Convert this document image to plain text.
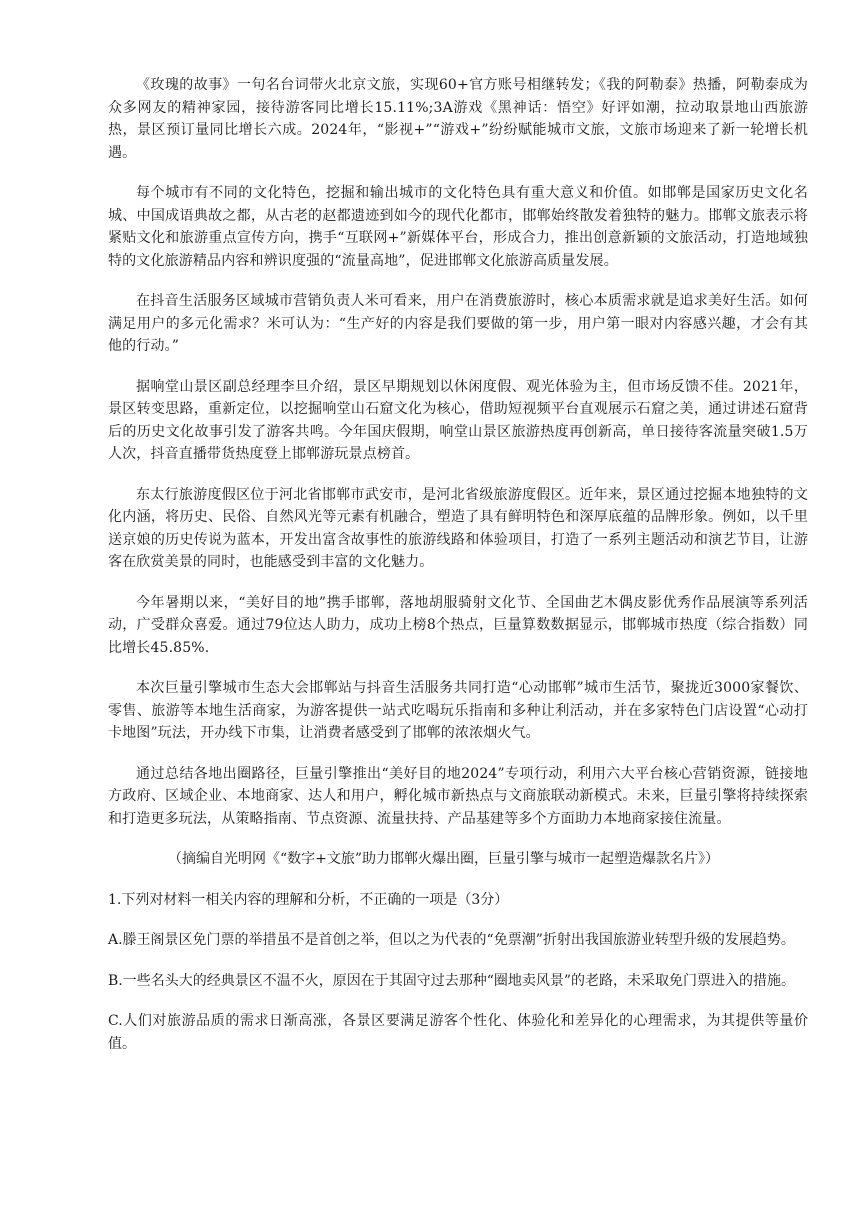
《玫瑰的故事》一句名台词带火北京文旅，实现60+官方账号相继转发；《我的阿勒泰》热播，阿勒泰成为众多网友的精神家园，接待游客同比增长15.11%;3A游戏《黑神话：悟空》好评如潮，拉动取景地山西旅游热，景区预订量同比增长六成。2024年，“影视+”“游戏+”纷纷赋能城市文旅，文旅市场迎来了新一轮增长机遇。

每个城市有不同的文化特色，挖掘和输出城市的文化特色具有重大意义和价值。如邯郸是国家历史文化名城、中国成语典故之都，从古老的赵都遗迹到如今的现代化都市，邯郸始终散发着独特的魅力。邯郸文旅表示将紧贴文化和旅游重点宣传方向，携手“互联网+”新媒体平台，形成合力，推出创意新颖的文旅活动，打造地域独特的文化旅游精品内容和辨识度强的“流量高地”，促进邯郸文化旅游高质量发展。

在抖音生活服务区域城市营销负责人米可看来，用户在消费旅游时，核心本质需求就是追求美好生活。如何满足用户的多元化需求？米可认为：“生产好的内容是我们要做的第一步，用户第一眼对内容感兴趣，才会有其他的行动。”

据响堂山景区副总经理李旦介绍，景区早期规划以休闲度假、观光体验为主，但市场反馈不佳。2021年，景区转变思路，重新定位，以挖掘响堂山石窟文化为核心，借助短视频平台直观展示石窟之美，通过讲述石窟背后的历史文化故事引发了游客共鸣。今年国庆假期，响堂山景区旅游热度再创新高，单日接待客流量突破1.5万人次，抖音直播带货热度登上邯郸游玩景点榜首。

东太行旅游度假区位于河北省邯郸市武安市，是河北省级旅游度假区。近年来，景区通过挖掘本地独特的文化内涵，将历史、民俗、自然风光等元素有机融合，塑造了具有鲜明特色和深厚底蕴的品牌形象。例如，以千里送京娘的历史传说为蓝本，开发出富含故事性的旅游线路和体验项目，打造了一系列主题活动和演艺节目，让游客在欣赏美景的同时，也能感受到丰富的文化魅力。

今年暑期以来，“美好目的地”携手邯郸，落地胡服骑射文化节、全国曲艺木偶皮影优秀作品展演等系列活动，广受群众喜爱。通过79位达人助力，成功上榜8个热点，巨量算数数据显示，邯郸城市热度（综合指数）同比增长45.85%.

本次巨量引擎城市生态大会邯郸站与抖音生活服务共同打造“心动邯郸”城市生活节，聚拢近3000家餐饮、零售、旅游等本地生活商家，为游客提供一站式吃喝玩乐指南和多种让利活动，并在多家特色门店设置“心动打卡地图”玩法，开办线下市集，让消费者感受到了邯郸的浓浓烟火气。

通过总结各地出圈路径，巨量引擎推出“美好目的地2024”专项行动，利用六大平台核心营销资源，链接地方政府、区域企业、本地商家、达人和用户，孵化城市新热点与文商旅联动新模式。未来，巨量引擎将持续探索和打造更多玩法，从策略指南、节点资源、流量扶持、产品基建等多个方面助力本地商家接住流量。

（摘编自光明网《“数字+文旅”助力邯郸火爆出圈，巨量引擎与城市一起塑造爆款名片》）

1.下列对材料一相关内容的理解和分析，不正确的一项是（3分）

A.滕王阁景区免门票的举措虽不是首创之举，但以之为代表的“免票潮”折射出我国旅游业转型升级的发展趋势。

B.一些名头大的经典景区不温不火，原因在于其固守过去那种“圈地卖风景”的老路，未采取免门票进入的措施。

C.人们对旅游品质的需求日渐高涨，各景区要满足游客个性化、体验化和差异化的心理需求，为其提供等量价值。
